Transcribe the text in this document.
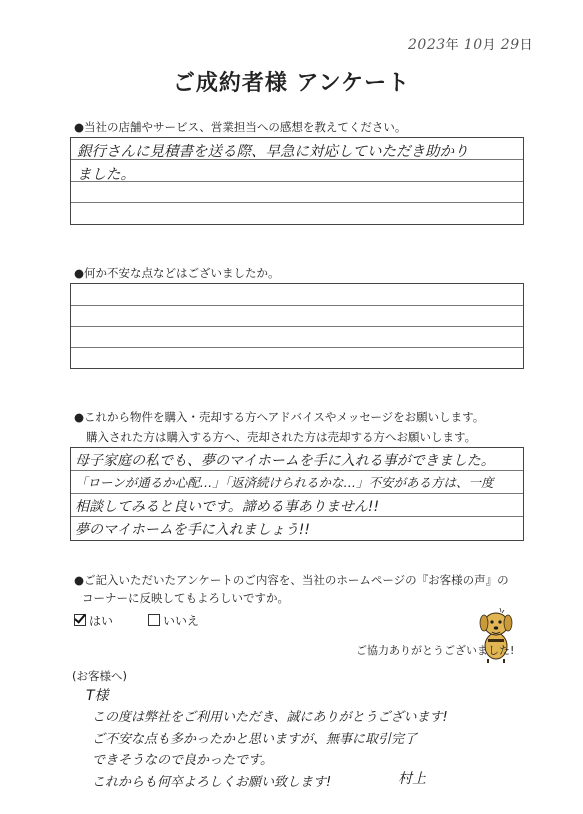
2023年 10月 29日
ご成約者様 アンケート
●当社の店舗やサービス、営業担当への感想を教えてください。
銀行さんに見積書を送る際、早急に対応していただき助かり
ました。
●何か不安な点などはございましたか。
●これから物件を購入・売却する方へアドバイスやメッセージをお願いします。
購入された方は購入する方へ、売却された方は売却する方へお願いします。
母子家庭の私でも、夢のマイホームを手に入れる事ができました。
「ローンが通るか心配…」「返済続けられるかな…」不安がある方は、一度
相談してみると良いです。諦める事ありません!!
夢のマイホームを手に入れましょう!!
●ご記入いただいたアンケートのご内容を、当社のホームページの『お客様の声』の
コーナーに反映してもよろしいですか。
はい	いいえ
ご協力ありがとうございました!
(お客様へ)
T様
この度は弊社をご利用いただき、誠にありがとうございます!
ご不安な点も多かったかと思いますが、無事に取引完了
できそうなので良かったです。
これからも何卒よろしくお願い致します!	村上
